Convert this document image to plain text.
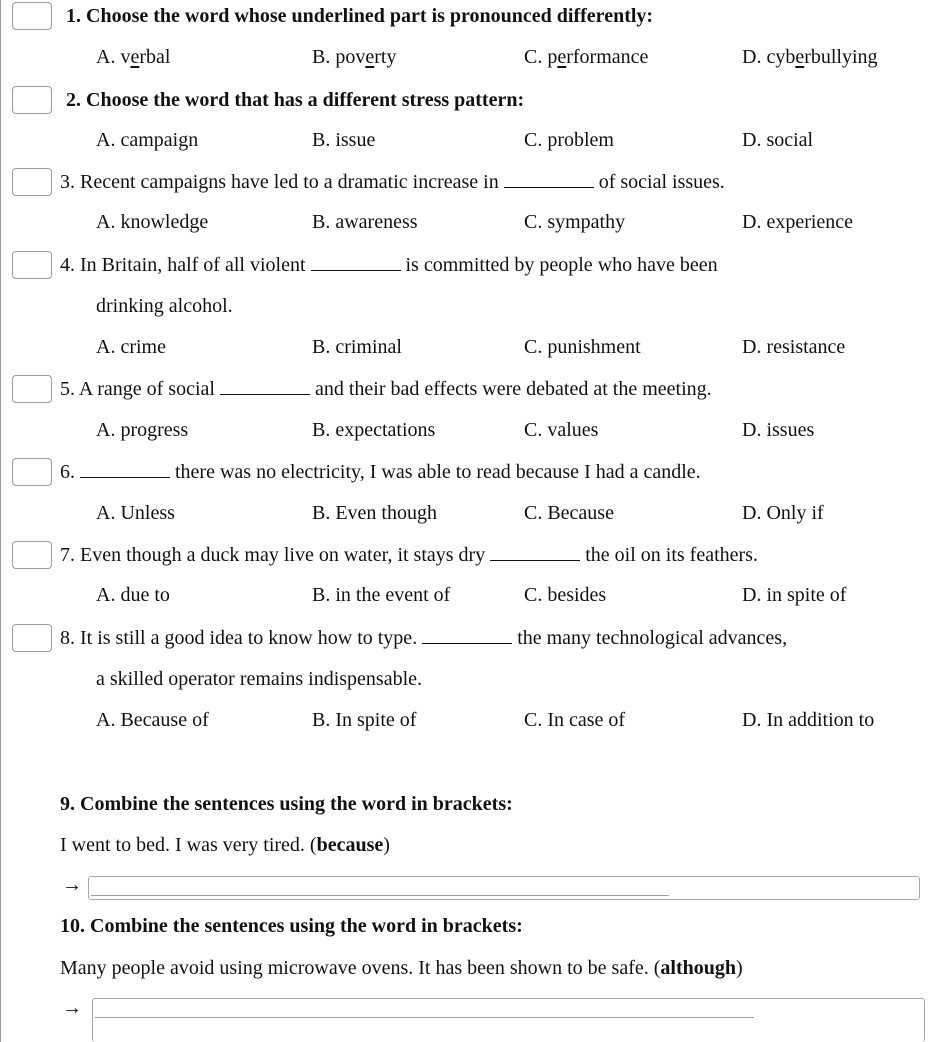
1. Choose the word whose underlined part is pronounced differently:
A. verbal	B. poverty	C. performance	D. cyberbullying
2. Choose the word that has a different stress pattern:
A. campaign	B. issue	C. problem	D. social
3. Recent campaigns have led to a dramatic increase in	of social issues.
A. knowledge	B. awareness	C. sympathy	D. experience
4. In Britain, half of all violent	is committed by people who have been
drinking alcohol.
A. crime	B. criminal	C. punishment	D. resistance
5. A range of social	and their bad effects were debated at the meeting.
A. progress	B. expectations	C. values	D. issues
6.	there was no electricity, I was able to read because I had a candle.
A. Unless	B. Even though	C. Because	D. Only if
7. Even though a duck may live on water, it stays dry	the oil on its feathers.
A. due to	B. in the event of	C. besides	D. in spite of
8. It is still a good idea to know how to type.	the many technological advances,
a skilled operator remains indispensable.
A. Because of	B. In spite of	C. In case of	D. In addition to
9. Combine the sentences using the word in brackets:
I went to bed. I was very tired. (because)
→
10. Combine the sentences using the word in brackets:
Many people avoid using microwave ovens. It has been shown to be safe. (although)
→
